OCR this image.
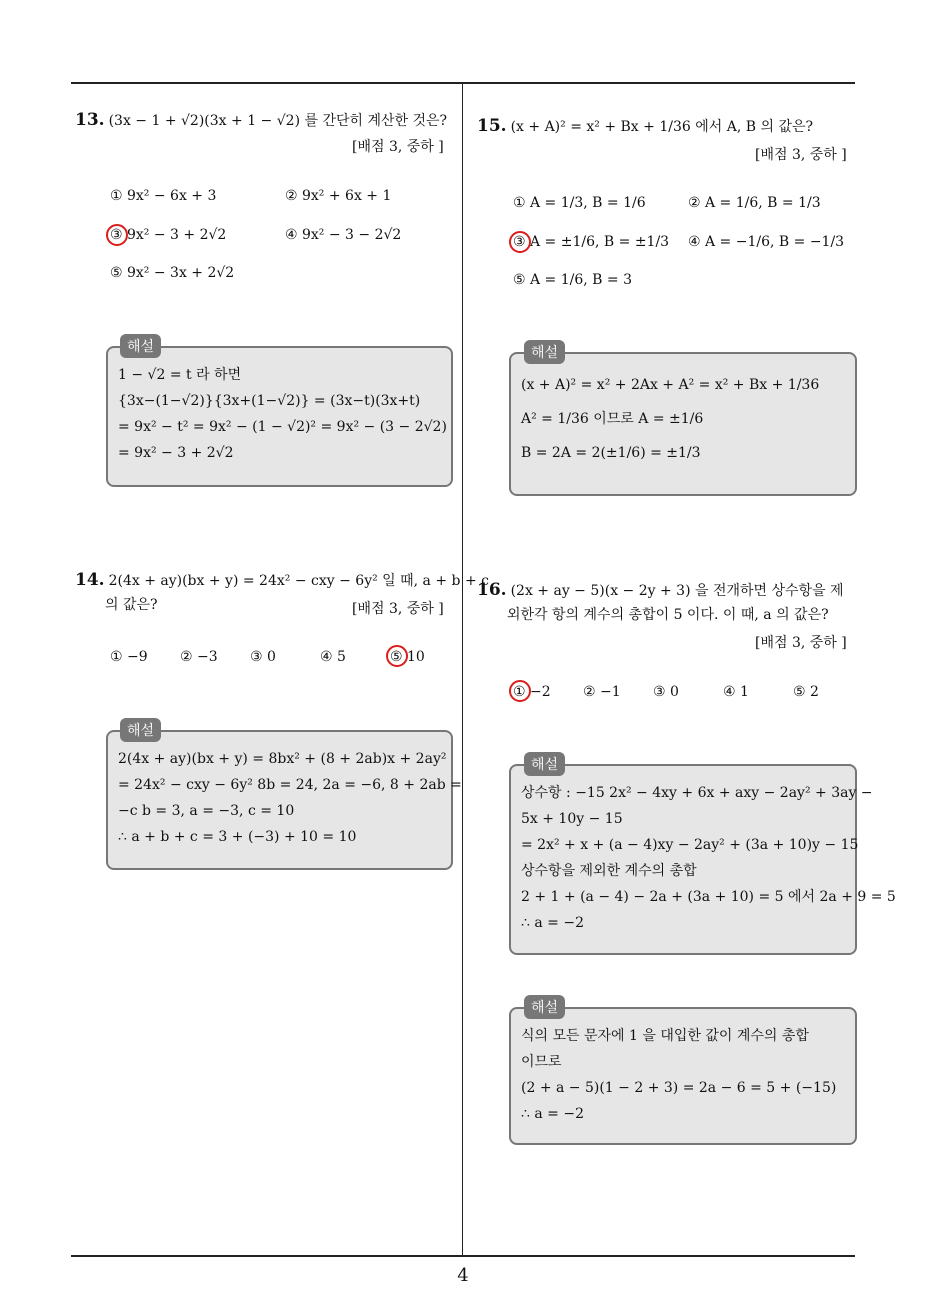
4
13. (3x − 1 + √2)(3x + 1 − √2) 를 간단히 계산한 것은?
[배점 3, 중하 ]
① 9x² − 6x + 3	② 9x² + 6x + 1
③ 9x² − 3 + 2√2	④ 9x² − 3 − 2√2
⑤ 9x² − 3x + 2√2
1 − √2 = t 라 하면
{3x−(1−√2)}{3x+(1−√2)} = (3x−t)(3x+t)
= 9x² − t² = 9x² − (1 − √2)² = 9x² − (3 − 2√2)
= 9x² − 3 + 2√2
해설
14. 2(4x + ay)(bx + y) = 24x² − cxy − 6y² 일 때, a + b + c
의 값은?	[배점 3, 중하 ]
① −9 ② −3 ③ 0	④ 5	⑤ 10
2(4x + ay)(bx + y) = 8bx² + (8 + 2ab)x + 2ay²
= 24x² − cxy − 6y² 8b = 24, 2a = −6, 8 + 2ab =
−c b = 3, a = −3, c = 10
∴ a + b + c = 3 + (−3) + 10 = 10
해설
15. (x + A)² = x² + Bx + 1/36 에서 A, B 의 값은?
[배점 3, 중하 ]
① A = 1/3, B = 1/6	② A = 1/6, B = 1/3
③ A = ±1/6, B = ±1/3 ④ A = −1/6, B = −1/3
⑤ A = 1/6, B = 3
(x + A)² = x² + 2Ax + A² = x² + Bx + 1/36
A² = 1/36 이므로 A = ±1/6
B = 2A = 2(±1/6) = ±1/3
해설
16. (2x + ay − 5)(x − 2y + 3) 을 전개하면 상수항을 제
외한각 항의 계수의 총합이 5 이다. 이 때, a 의 값은?
[배점 3, 중하 ]
① −2 ② −1 ③ 0	④ 1	⑤ 2
상수항 : −15 2x² − 4xy + 6x + axy − 2ay² + 3ay −
5x + 10y − 15
= 2x² + x + (a − 4)xy − 2ay² + (3a + 10)y − 15
상수항을 제외한 계수의 총합
2 + 1 + (a − 4) − 2a + (3a + 10) = 5 에서 2a + 9 = 5
∴ a = −2
해설
식의 모든 문자에 1 을 대입한 값이 계수의 총합
이므로
(2 + a − 5)(1 − 2 + 3) = 2a − 6 = 5 + (−15)
∴ a = −2
해설
